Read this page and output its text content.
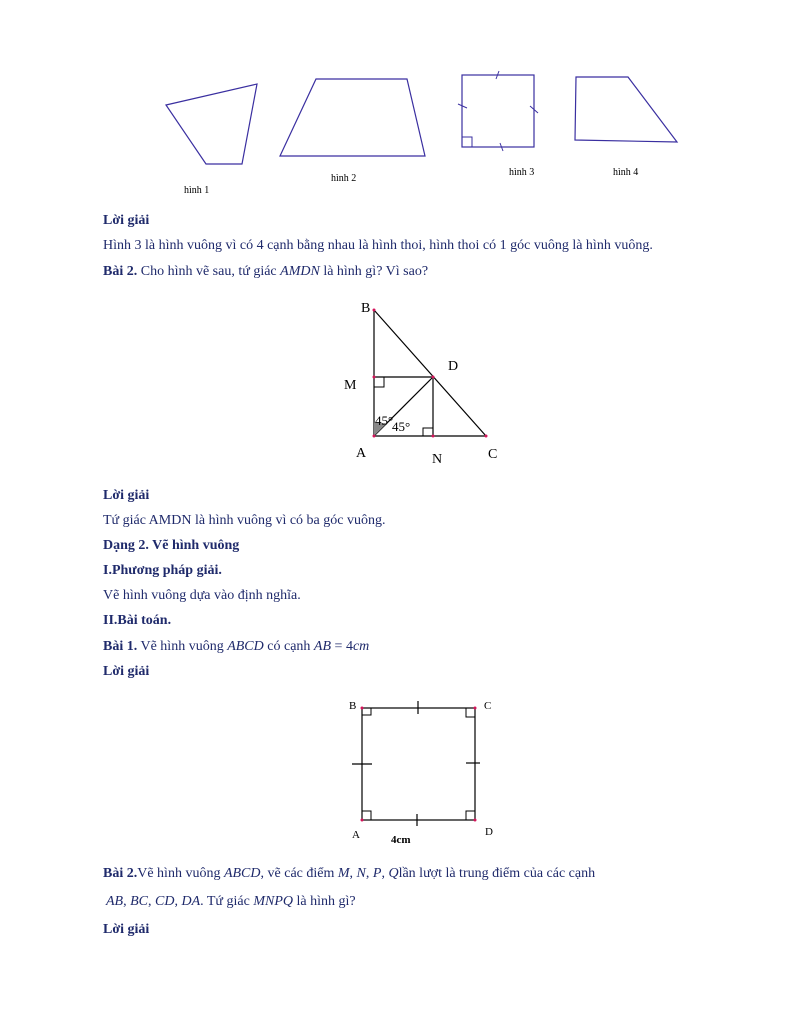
hình 1
hình 2
hình 3	hình 4
Lời giải
Hình 3 là hình vuông vì có 4 cạnh bằng nhau là hình thoi, hình thoi có 1 góc vuông là hình vuông.
Bài 2. Cho hình vẽ sau, tứ giác AMDN là hình gì? Vì sao?
B
D
M
A	N	C
45°
45°
Lời giải
Tứ giác AMDN là hình vuông vì có ba góc vuông.
Dạng 2. Vẽ hình vuông
I.Phương pháp giải.
Vẽ hình vuông dựa vào định nghĩa.
II.Bài toán.
Bài 1. Vẽ hình vuông ABCD có cạnh AB = 4cm
Lời giải
B	C
A	D
4cm
Bài 2.Vẽ hình vuông ABCD, vẽ các điểm M, N, P, Qlần lượt là trung điểm của các cạnh
AB, BC, CD, DA. Tứ giác MNPQ là hình gì?
Lời giải
